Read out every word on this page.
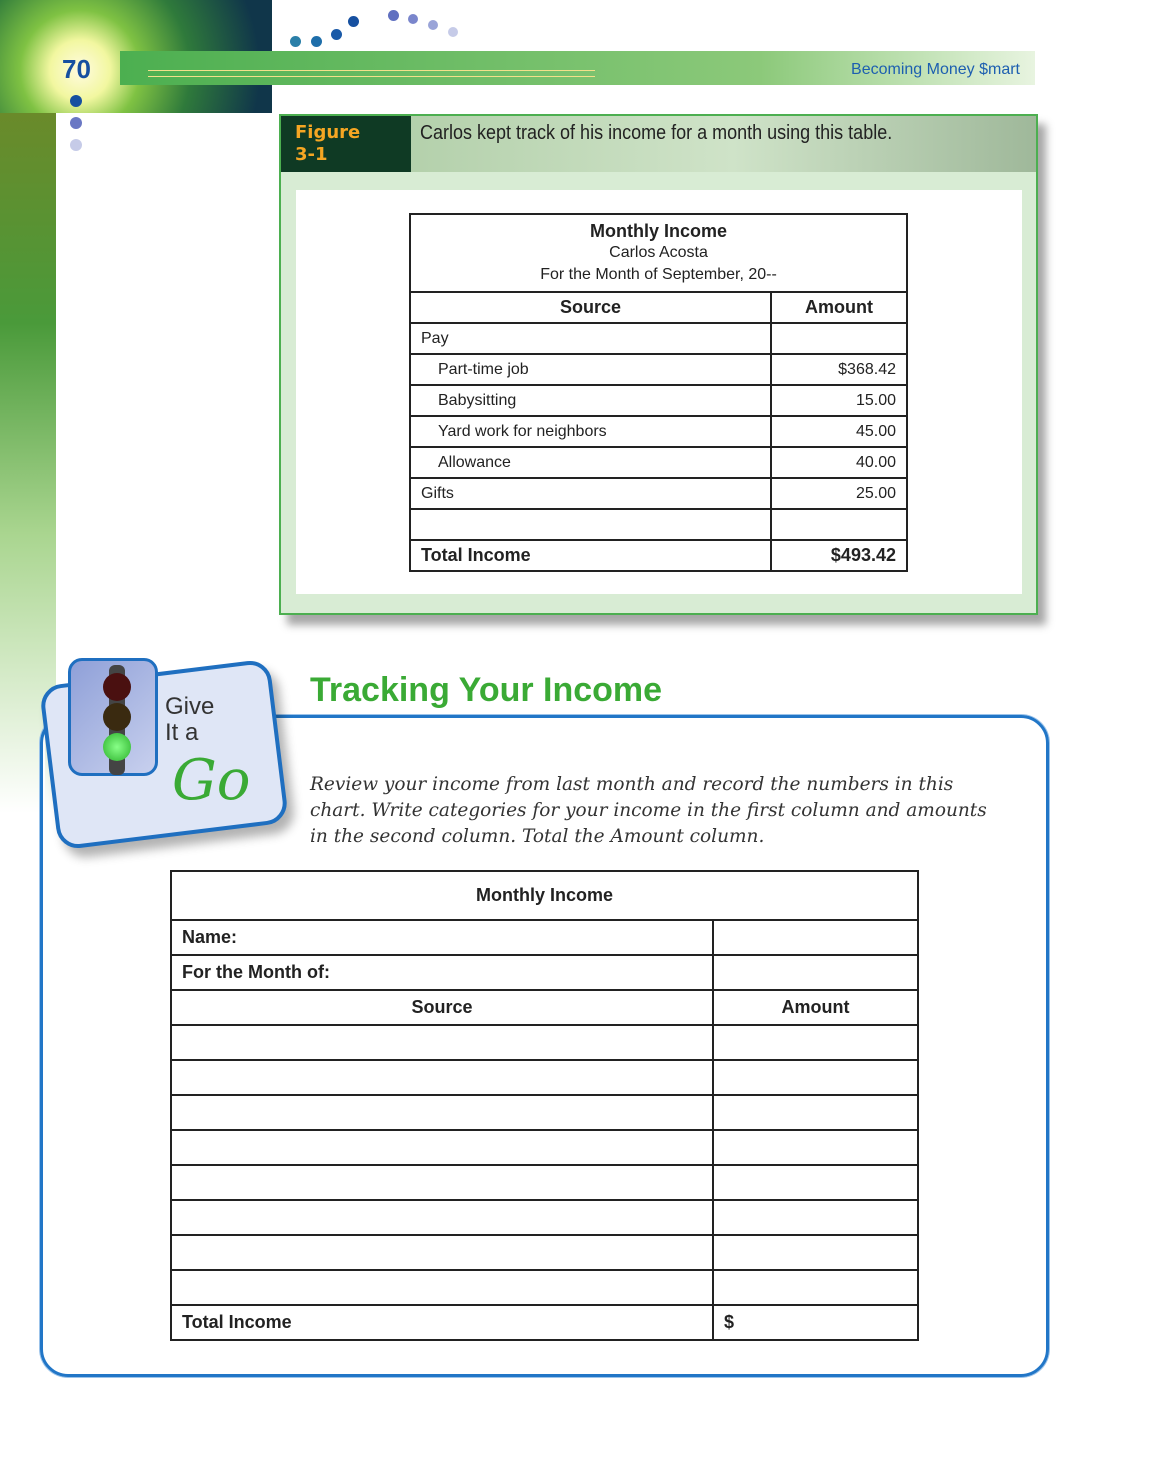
70	Becoming Money $mart
Figure
3-1
Carlos kept track of his income for a month using this table.
Monthly Income
Carlos Acosta
For the Month of September, 20--	

Source	Amount
Pay	
Part-time job	$368.42
Babysitting	15.00
Yard work for neighbors	45.00
Allowance	40.00
Gifts	25.00

Total Income	$493.42
Give
It a
Go
Tracking Your Income
Review your income from last month and record the numbers in this chart. Write categories for your income in the first column and amounts in the second column. Total the Amount column.
Monthly Income	
Name:	
For the Month of:	
Source	Amount

Total Income	$
